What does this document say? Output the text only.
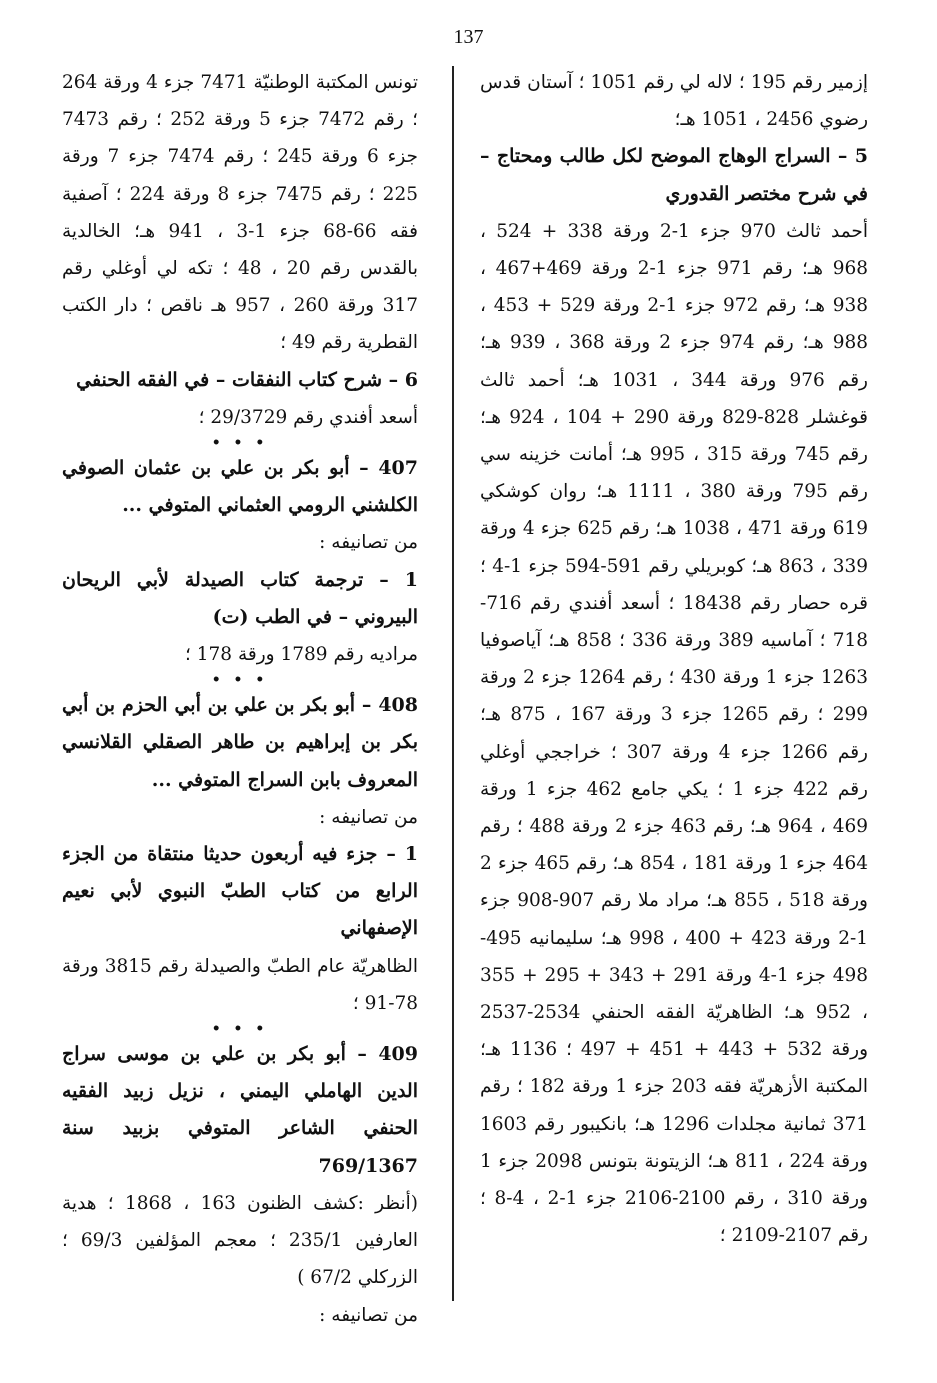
137

إزمير رقم 195 ؛ لاله لي رقم 1051 ؛ آستان قدس رضوي 2456 ، 1051 هـ؛

5 – السراج الوهاج الموضح لكل طالب ومحتاج – في شرح مختصر القدوري

أحمد ثالث 970 جزء 1-2 ورقة 338 + 524 ، 968 هـ؛ رقم 971 جزء 1-2 ورقة 469+467 ، 938 هـ؛ رقم 972 جزء 1-2 ورقة 529 + 453 ، 988 هـ؛ رقم 974 جزء 2 ورقة 368 ، 939 هـ؛ رقم 976 ورقة 344 ، 1031 هـ؛ أحمد ثالث قوغشلر 828-829 ورقة 290 + 104 ، 924 هـ؛ رقم 745 ورقة 315 ، 995 هـ؛ أمانت خزينه سي رقم 795 ورقة 380 ، 1111 هـ؛ روان كوشكي 619 ورقة 471 ، 1038 هـ؛ رقم 625 جزء 4 ورقة 339 ، 863 هـ؛ كوبريلي رقم 591-594 جزء 1-4 ؛ قره حصار رقم 18438 ؛ أسعد أفندي رقم 716-718 ؛ آماسيه 389 ورقة 336 ؛ 858 هـ؛ آياصوفيا 1263 جزء 1 ورقة 430 ؛ رقم 1264 جزء 2 ورقة 299 ؛ رقم 1265 جزء 3 ورقة 167 ، 875 هـ؛ رقم 1266 جزء 4 ورقة 307 ؛ خراججي أوغلي رقم 422 جزء 1 ؛ يكي جامع 462 جزء 1 ورقة 469 ، 964 هـ؛ رقم 463 جزء 2 ورقة 488 ؛ رقم 464 جزء 1 ورقة 181 ، 854 هـ؛ رقم 465 جزء 2 ورقة 518 ، 855 هـ؛ مراد ملا رقم 907-908 جزء 1-2 ورقة 423 + 400 ، 998 هـ؛ سليمانيه 495-498 جزء 1-4 ورقة 291 + 343 + 295 + 355 ، 952 هـ؛ الظاهريّة الفقه الحنفي 2534-2537 ورقة 532 + 443 + 451 + 497 ؛ 1136 هـ؛ المكتبة الأزهريّة فقه 203 جزء 1 ورقة 182 ؛ رقم 371 ثمانية مجلدات 1296 هـ؛ بانكيبور رقم 1603 ورقة 224 ، 811 هـ؛ الزيتونة بتونس 2098 جزء 1 ورقة 310 ، رقم 2100-2106 جزء 1-2 ، 4-8 ؛ رقم 2107-2109 ؛

تونس المكتبة الوطنيّة 7471 جزء 4 ورقة 264 ؛ رقم 7472 جزء 5 ورقة 252 ؛ رقم 7473 جزء 6 ورقة 245 ؛ رقم 7474 جزء 7 ورقة 225 ؛ رقم 7475 جزء 8 ورقة 224 ؛ آصفية فقه 66-68 جزء 1-3 ، 941 هـ؛ الخالدية بالقدس رقم 20 ، 48 ؛ تكه لي أوغلي رقم 317 ورقة 260 ، 957 هـ ناقص ؛ دار الكتب القطرية رقم 49 ؛

6 – شرح كتاب النفقات – في الفقه الحنفي

أسعد أفندي رقم 29/3729 ؛

• • •

407 – أبو بكر بن علي بن عثمان الصوفي الكلشني الرومي العثماني المتوفي ...

من تصانيفه :

1 – ترجمة كتاب الصيدلة لأبي الريحان البيروني – في الطب (ت)

مراديه رقم 1789 ورقة 178 ؛

• • •

408 – أبو بكر بن علي بن أبي الحزم بن أبي بكر بن إبراهيم بن طاهر الصقلي القلانسي المعروف بابن السراج المتوفي ...

من تصانيفه :

1 – جزء فيه أربعون حديثا منتقاة من الجزء الرابع من كتاب الطبّ النبوي لأبي نعيم الإصفهاني

الظاهريّة عام الطبّ والصيدلة رقم 3815 ورقة 78-91 ؛

• • •

409 – أبو بكر بن علي بن موسى سراج الدين الهاملي اليمني ، نزيل زبيد الفقيه الحنفي الشاعر المتوفي بزبيد سنة 769/1367

(أنظر :كشف الظنون 163 ، 1868 ؛ هدية العارفين 235/1 ؛ معجم المؤلفين 69/3 ؛ الزركلي 67/2 )

من تصانيفه :
